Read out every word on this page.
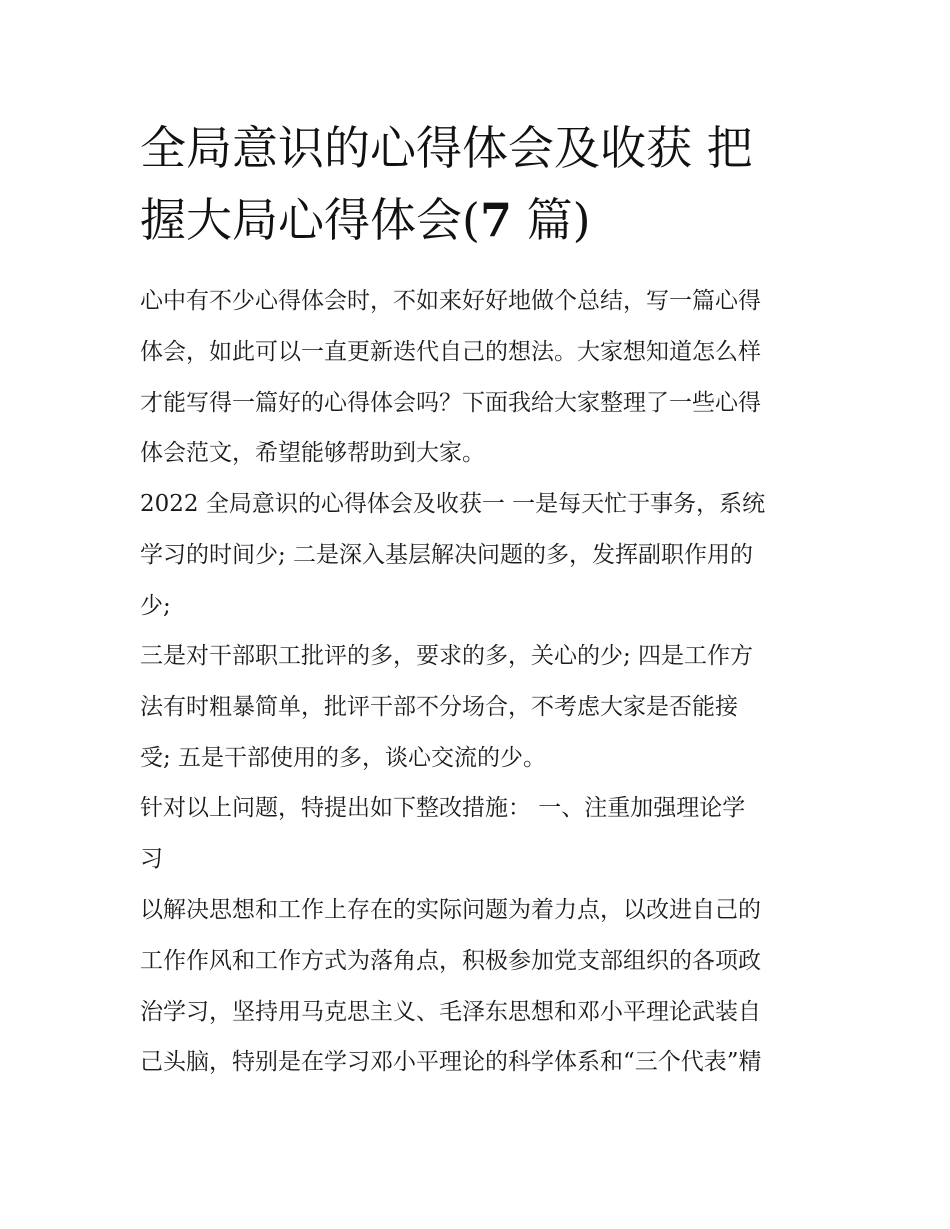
全局意识的心得体会及收获 把
握大局心得体会(7 篇)

心中有不少心得体会时，不如来好好地做个总结，写一篇心得
体会，如此可以一直更新迭代自己的想法。大家想知道怎么样
才能写得一篇好的心得体会吗？下面我给大家整理了一些心得
体会范文，希望能够帮助到大家。

2022 全局意识的心得体会及收获一 一是每天忙于事务，系统
学习的时间少; 二是深入基层解决问题的多，发挥副职作用的
少;

三是对干部职工批评的多，要求的多，关心的少; 四是工作方
法有时粗暴简单，批评干部不分场合，不考虑大家是否能接
受; 五是干部使用的多，谈心交流的少。

针对以上问题，特提出如下整改措施： 一、注重加强理论学
习

以解决思想和工作上存在的实际问题为着力点，以改进自己的
工作作风和工作方式为落角点，积极参加党支部组织的各项政
治学习，坚持用马克思主义、毛泽东思想和邓小平理论武装自
己头脑，特别是在学习邓小平理论的科学体系和“三个代表”精
